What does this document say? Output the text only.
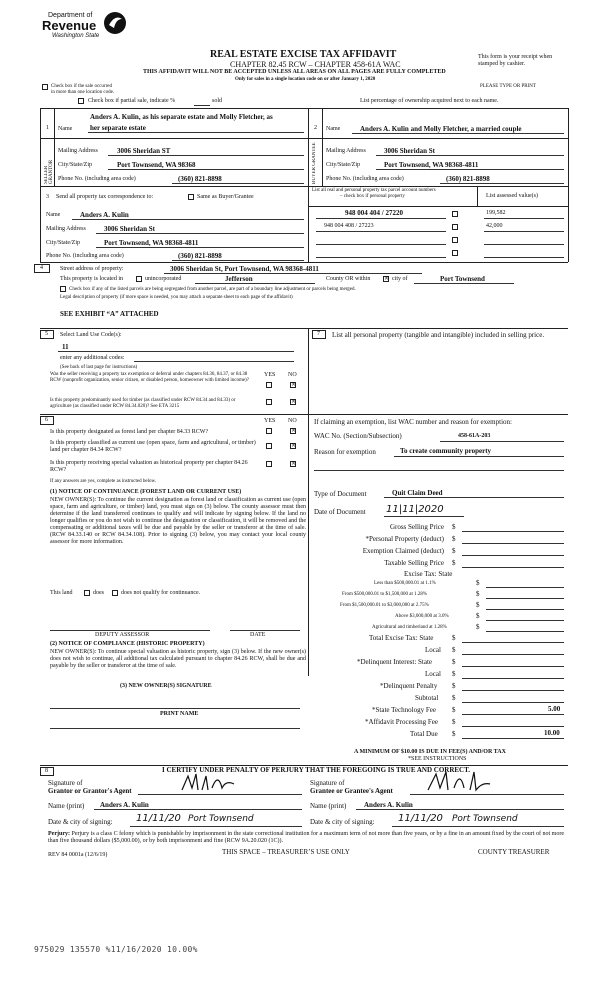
Department of
Revenue
Washington State
REAL ESTATE EXCISE TAX AFFIDAVIT
CHAPTER 82.45 RCW – CHAPTER 458-61A WAC
THIS AFFIDAVIT WILL NOT BE ACCEPTED UNLESS ALL AREAS ON ALL PAGES ARE FULLY COMPLETED
Only for sales in a single location code on or after January 1, 2020
This form is your receipt when stamped by cashier.
PLEASE TYPE OR PRINT
Check box if the sale occurred
in more than one location code.
Check box if partial sale, indicate %	sold	List percentage of ownership acquired next to each name.
1
SELLER GRANTOR
Name
Anders A. Kulin, as his separate estate and Molly Fletcher, as
her separate estate
Mailing Address	3006 Sheridan ST
City/State/Zip	Port Townsend, WA 98368
Phone No. (including area code)	(360) 821-8898
2
BUYER GRANTEE
Name	Anders A. Kulin and Molly Fletcher, a married couple
Mailing Address	3006 Sheridan St
City/State/Zip	Port Townsend, WA 98368-4811
Phone No. (including area code)	(360) 821-8898
3 Send all property tax correspondence to:	Same as Buyer/Grantee
Name	Anders A. Kulin
Mailing Address	3006 Sheridan St
City/State/Zip	Port Townsend, WA 98368-4811
Phone No. (including area code)	(360) 821-8898
List all real and personal property tax parcel account numbers
– check box if personal property	List assessed value(s)
948 004 404 / 27220	199,582
948 004 408 / 27223	42,000
4	Street address of property:	3006 Sheridan St, Port Townsend, WA 98368-4811
This property is located in	unincorporated	Jefferson	County OR within × city of	Port Townsend
Check box if any of the listed parcels are being segregated from another parcel, are part of a boundary line adjustment or parcels being merged.
Legal description of property (if more space is needed, you may attach a separate sheet to each page of the affidavit)
SEE EXHIBIT “A” ATTACHED
5 Select Land Use Code(s):
11
enter any additional codes:
(See back of last page for instructions)
YES NO
Was the seller receiving a property tax exemption or deferral under chapters 84.36, 84.37, or 84.38 RCW (nonprofit organization, senior citizen, or disabled person, homeowner with limited income)?
×
Is this property predominantly used for timber (as classified under RCW 84.34 and 84.33) or agriculture (as classified under RCW 84.34.020)? See ETA 3215
×
6	YES NO
Is this property designated as forest land per chapter 84.33 RCW?	×
Is this property classified as current use (open space, farm and agricultural, or timber) land per chapter 84.34 RCW?
×
Is this property receiving special valuation as historical property per chapter 84.26 RCW?
×
If any answers are yes, complete as instructed below.
(1) NOTICE OF CONTINUANCE (FOREST LAND OR CURRENT USE)
NEW OWNER(S): To continue the current designation as forest land or classification as current use (open space, farm and agriculture, or timber) land, you must sign on (3) below. The county assessor must then determine if the land transferred continues to qualify and will indicate by signing below. If the land no longer qualifies or you do not wish to continue the designation or classification, it will be removed and the compensating or additional taxes will be due and payable by the seller or transferor at the time of sale. (RCW 84.33.140 or RCW 84.34.108). Prior to signing (3) below, you may contact your local county assessor for more information.
This land	does	does not qualify for continuance.
DEPUTY ASSESSOR	DATE
(2) NOTICE OF COMPLIANCE (HISTORIC PROPERTY)
NEW OWNER(S): To continue special valuation as historic property, sign (3) below. If the new owner(s) does not wish to continue, all additional tax calculated pursuant to chapter 84.26 RCW, shall be due and payable by the seller or transferor at the time of sale.
(3) NEW OWNER(S) SIGNATURE
PRINT NAME
7 List all personal property (tangible and intangible) included in selling price.
If claiming an exemption, list WAC number and reason for exemption:
WAC No. (Section/Subsection)	458-61A-203
Reason for exemption	To create community property
Type of Document	Quit Claim Deed
Date of Document 11|11|2020
Gross Selling Price $
*Personal Property (deduct) $
Exemption Claimed (deduct) $
Taxable Selling Price $
Excise Tax: State
Less than $500,000.01 at 1.1%	$
From $500,000.01 to $1,500,000 at 1.28%	$
From $1,500,000.01 to $3,000,000 at 2.75%	$
Above $3,000,000 at 3.0%	$
Agricultural and timberland at 1.28%	$
Total Excise Tax: State	$
Local $
*Delinquent Interest: State	$
Local $
*Delinquent Penalty $
Subtotal $
*State Technology Fee $	5.00
*Affidavit Processing Fee $
Total Due $	10.00
A MINIMUM OF $10.00 IS DUE IN FEE(S) AND/OR TAX
*SEE INSTRUCTIONS
8	I CERTIFY UNDER PENALTY OF PERJURY THAT THE FOREGOING IS TRUE AND CORRECT.
Signature of
Grantor or Grantor's Agent
Signature of
Grantee or Grantee's Agent
Name (print) Anders A. Kulin	Name (print)	Anders A. Kulin
Date & city of signing: 11/11/20 Port Townsend	Date & city of signing: 11/11/20 Port Townsend
Perjury: Perjury is a class C felony which is punishable by imprisonment in the state correctional institution for a maximum term of not more than five years, or by a fine in an amount fixed by the court of not more than five thousand dollars ($5,000.00), or by both imprisonment and fine (RCW 9A.20.020 (1C)).
REV 84 0001a (12/6/19)	THIS SPACE – TREASURER’S USE ONLY	COUNTY TREASURER
975029 135570 %11/16/2020 10.00%
